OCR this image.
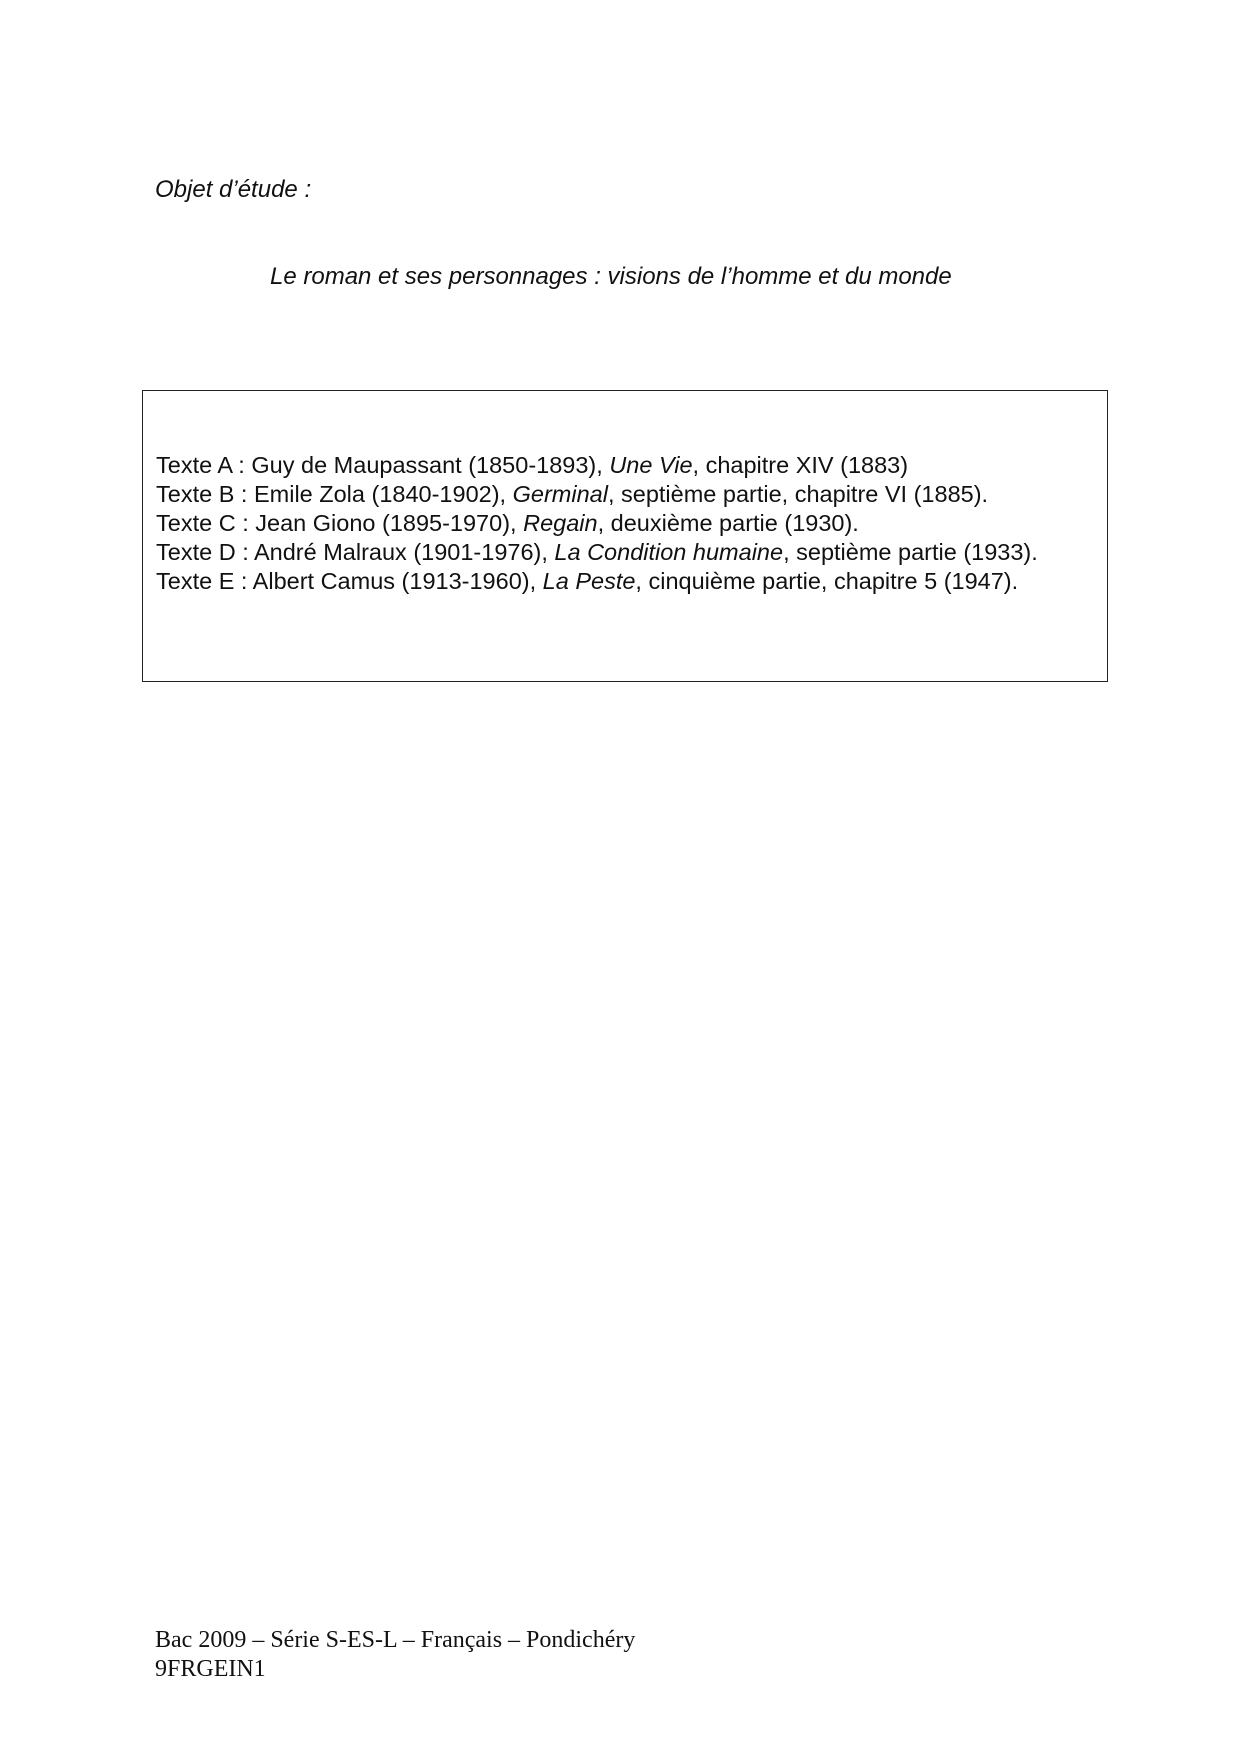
Objet d’étude :
Le roman et ses personnages : visions de l’homme et du monde
Texte A : Guy de Maupassant (1850-1893), Une Vie, chapitre XIV (1883)
Texte B : Emile Zola (1840-1902), Germinal, septième partie, chapitre VI (1885).
Texte C : Jean Giono (1895-1970), Regain, deuxième partie (1930).
Texte D : André Malraux (1901-1976), La Condition humaine, septième partie (1933).
Texte E : Albert Camus (1913-1960), La Peste, cinquième partie, chapitre 5 (1947).
Bac 2009 – Série S-ES-L – Français – Pondichéry
9FRGEIN1
